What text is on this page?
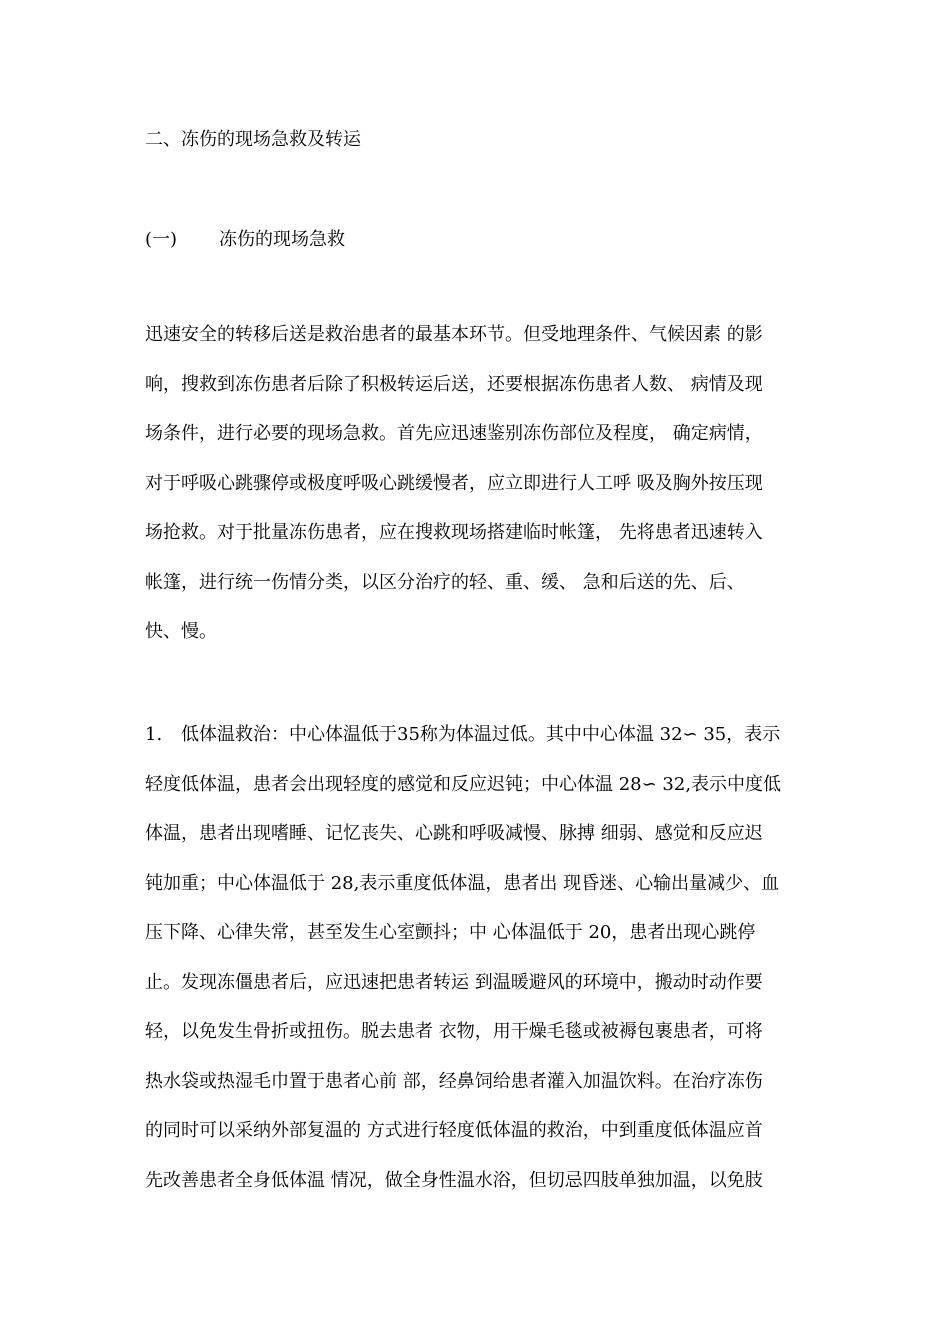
二、冻伤的现场急救及转运
(一) 冻伤的现场急救
迅速安全的转移后送是救治患者的最基本环节。但受地理条件、气候因素 的影
响，搜救到冻伤患者后除了积极转运后送，还要根据冻伤患者人数、 病情及现
场条件，进行必要的现场急救。首先应迅速鉴别冻伤部位及程度， 确定病情，
对于呼吸心跳骤停或极度呼吸心跳缓慢者，应立即进行人工呼 吸及胸外按压现
场抢救。对于批量冻伤患者，应在搜救现场搭建临时帐篷， 先将患者迅速转入
帐篷，进行统一伤情分类，以区分治疗的轻、重、缓、 急和后送的先、后、
快、慢。
1. 低体温救治：中心体温低于35称为体温过低。其中中心体温 32∽ 35，表示
轻度低体温，患者会出现轻度的感觉和反应迟钝；中心体温 28∽ 32,表示中度低
体温，患者出现嗜睡、记忆丧失、心跳和呼吸减慢、脉搏 细弱、感觉和反应迟
钝加重；中心体温低于 28,表示重度低体温，患者出 现昏迷、心输出量减少、血
压下降、心律失常，甚至发生心室颤抖；中 心体温低于 20，患者出现心跳停
止。发现冻僵患者后，应迅速把患者转运 到温暖避风的环境中，搬动时动作要
轻，以免发生骨折或扭伤。脱去患者 衣物，用干燥毛毯或被褥包裹患者，可将
热水袋或热湿毛巾置于患者心前 部，经鼻饲给患者灌入加温饮料。在治疗冻伤
的同时可以采纳外部复温的 方式进行轻度低体温的救治，中到重度低体温应首
先改善患者全身低体温 情况，做全身性温水浴，但切忌四肢单独加温，以免肢
